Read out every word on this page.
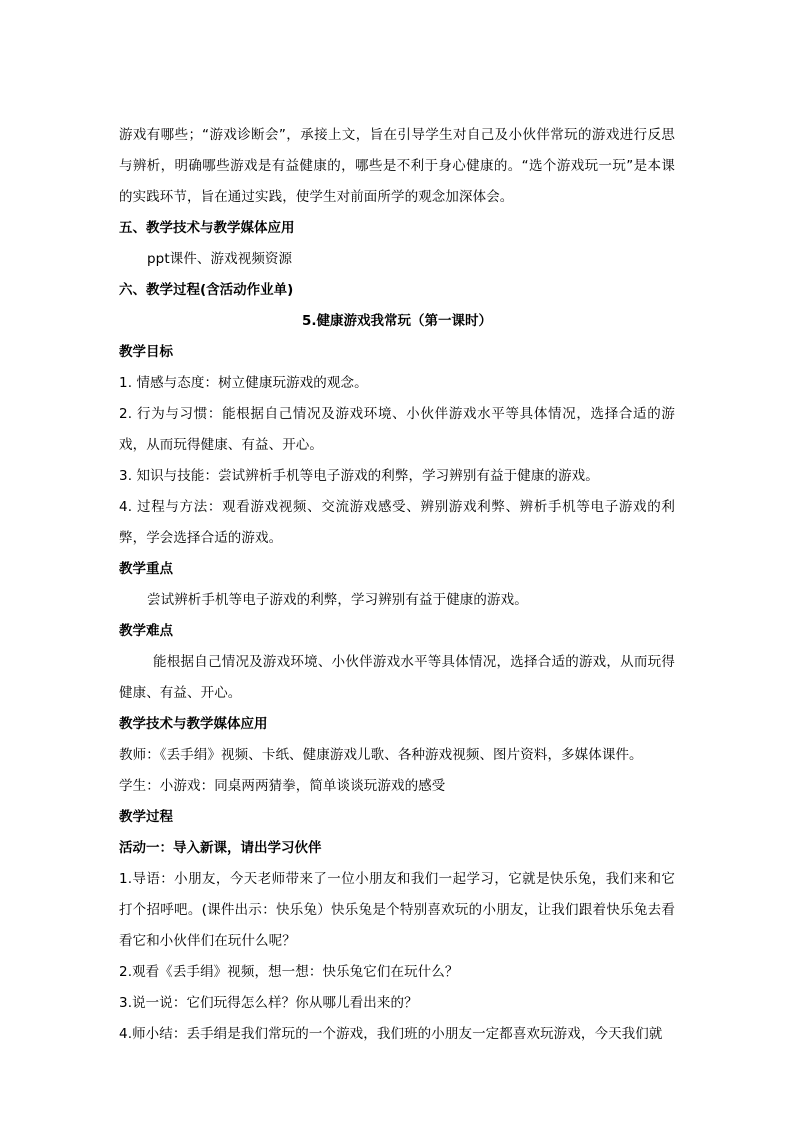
游戏有哪些；“游戏诊断会”，承接上文，旨在引导学生对自己及小伙伴常玩的游戏进行反思与辨析，明确哪些游戏是有益健康的，哪些是不利于身心健康的。“选个游戏玩一玩”是本课的实践环节，旨在通过实践，使学生对前面所学的观念加深体会。

五、教学技术与教学媒体应用

ppt课件、游戏视频资源

六、教学过程(含活动作业单)

5.健康游戏我常玩（第一课时）

教学目标

1. 情感与态度：树立健康玩游戏的观念。

2. 行为与习惯：能根据自己情况及游戏环境、小伙伴游戏水平等具体情况，选择合适的游戏，从而玩得健康、有益、开心。

3. 知识与技能：尝试辨析手机等电子游戏的利弊，学习辨别有益于健康的游戏。

4. 过程与方法：观看游戏视频、交流游戏感受、辨别游戏利弊、辨析手机等电子游戏的利弊，学会选择合适的游戏。

教学重点

尝试辨析手机等电子游戏的利弊，学习辨别有益于健康的游戏。

教学难点

能根据自己情况及游戏环境、小伙伴游戏水平等具体情况，选择合适的游戏，从而玩得健康、有益、开心。

教学技术与教学媒体应用

教师：《丢手绢》视频、卡纸、健康游戏儿歌、各种游戏视频、图片资料，多媒体课件。

学生：小游戏：同桌两两猜拳，简单谈谈玩游戏的感受

教学过程

活动一：导入新课，请出学习伙伴

1.导语：小朋友，今天老师带来了一位小朋友和我们一起学习，它就是快乐兔，我们来和它打个招呼吧。(课件出示：快乐兔）快乐兔是个特别喜欢玩的小朋友，让我们跟着快乐兔去看看它和小伙伴们在玩什么呢？

2.观看《丢手绢》视频，想一想：快乐兔它们在玩什么？

3.说一说：它们玩得怎么样？你从哪儿看出来的？

4.师小结：丢手绢是我们常玩的一个游戏，我们班的小朋友一定都喜欢玩游戏，今天我们就
